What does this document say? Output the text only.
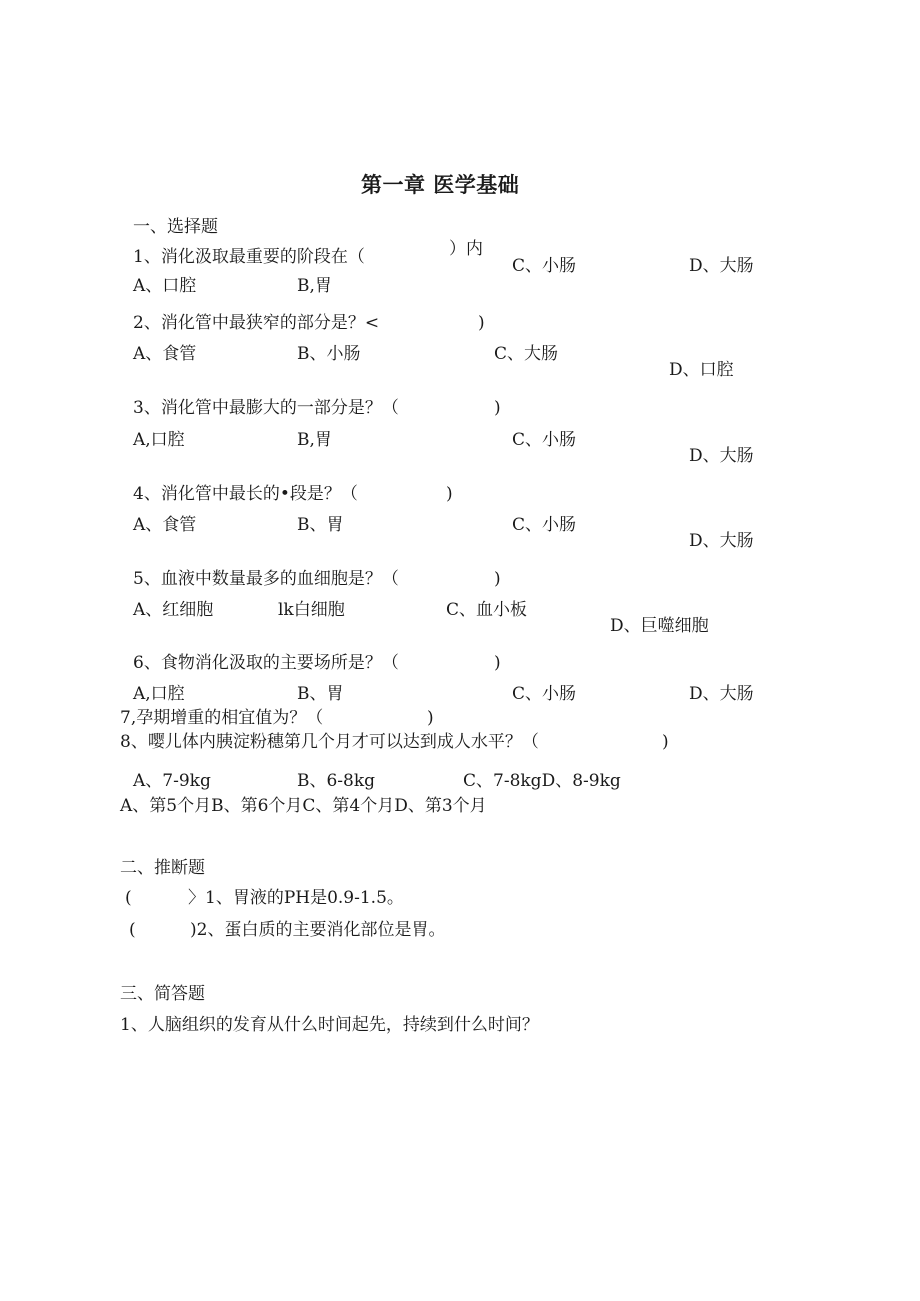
第一章 医学基础
一、选择题
1、消化汲取最重要的阶段在（	）内
C、小肠	D、大肠
A、口腔	B,胃
2、消化管中最狭窄的部分是？<	)
A、食管	B、小肠	C、大肠
D、口腔
3、消化管中最膨大的一部分是？（	)
A,口腔	B,胃	C、小肠
D、大肠
4、消化管中最长的•段是？（	)
A、食管	B、胃	C、小肠
D、大肠
5、血液中数量最多的血细胞是？（	)
A、红细胞	lk白细胞	C、血小板
D、巨噬细胞
6、食物消化汲取的主要场所是？（	)
A,口腔	B、胃	C、小肠	D、大肠
7,孕期增重的相宜值为？（	)
8、嘤儿体内胰淀粉穗第几个月才可以达到成人水平？（	)
A、7-9kg	B、6-8kg	C、7-8kgD、8-9kg
A、第5个月B、第6个月C、第4个月D、第3个月
二、推断题
(	〉1、胃液的PH是0.9-1.5。
(	)2、蛋白质的主要消化部位是胃。
三、简答题
1、人脑组织的发育从什么时间起先，持续到什么时间？
